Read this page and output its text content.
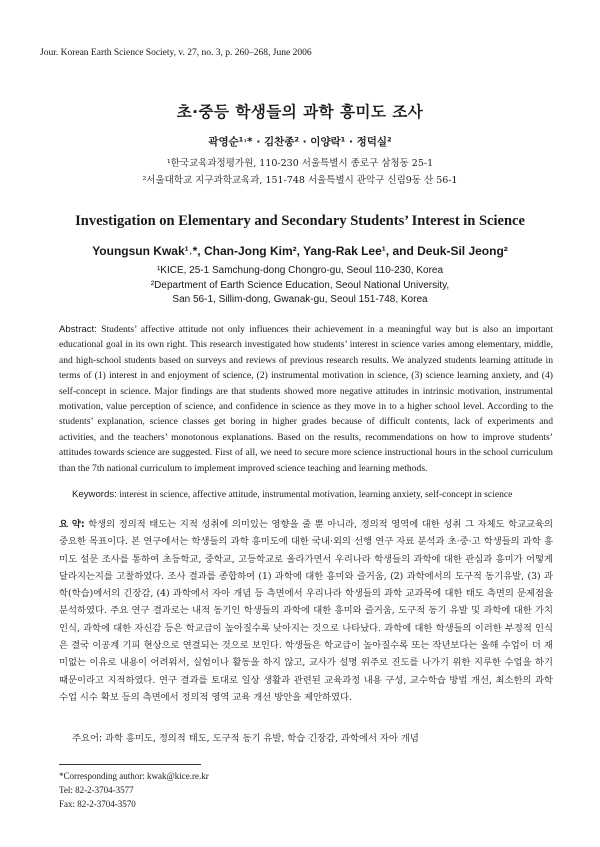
Jour. Korean Earth Science Society, v. 27, no. 3, p. 260–268, June 2006
초·중등 학생들의 과학 흥미도 조사
곽영순¹˒* · 김찬종² · 이양락¹ · 정덕실²
¹한국교육과정평가원, 110-230 서울특별시 종로구 삼청동 25-1
²서울대학교 지구과학교육과, 151-748 서울특별시 관악구 신림9동 산 56-1
Investigation on Elementary and Secondary Students’ Interest in Science
Youngsun Kwak¹˒*, Chan-Jong Kim², Yang-Rak Lee¹, and Deuk-Sil Jeong²
¹KICE, 25-1 Samchung-dong Chongro-gu, Seoul 110-230, Korea
²Department of Earth Science Education, Seoul National University,
San 56-1, Sillim-dong, Gwanak-gu, Seoul 151-748, Korea
Abstract: Students’ affective attitude not only influences their achievement in a meaningful way but is also an important educational goal in its own right. This research investigated how students’ interest in science varies among elementary, middle, and high-school students based on surveys and reviews of previous research results. We analyzed students learning attitude in terms of (1) interest in and enjoyment of science, (2) instrumental motivation in science, (3) science learning anxiety, and (4) self-concept in science. Major findings are that students showed more negative attitudes in intrinsic motivation, instrumental motivation, value perception of science, and confidence in science as they move in to a higher school level. According to the students’ explanation, science classes get boring in higher grades because of difficult contents, lack of experiments and activities, and the teachers’ monotonous explanations. Based on the results, recommendations on how to improve students’ attitudes towards science are suggested. First of all, we need to secure more science instructional hours in the school curriculum than the 7th national curriculum to implement improved science teaching and learning methods.
Keywords: interest in science, affective attitude, instrumental motivation, learning anxiety, self-concept in science
요 약: 학생의 정의적 태도는 지적 성취에 의미있는 영향을 줄 뿐 아니라, 정의적 영역에 대한 성취 그 자체도 학교교육의 중요한 목표이다. 본 연구에서는 학생들의 과학 흥미도에 대한 국내·외의 선행 연구 자료 분석과 초·중·고 학생들의 과학 흥미도 설문 조사를 통하여 초등학교, 중학교, 고등학교로 올라가면서 우리나라 학생들의 과학에 대한 관심과 흥미가 어떻게 달라지는지를 고찰하였다. 조사 결과를 종합하여 (1) 과학에 대한 흥미와 즐거움, (2) 과학에서의 도구적 동기유발, (3) 과학(학습)에서의 긴장감, (4) 과학에서 자아 개념 등 측면에서 우리나라 학생들의 과학 교과목에 대한 태도 측면의 문제점을 분석하였다. 주요 연구 결과로는 내적 동기인 학생들의 과학에 대한 흥미와 즐거움, 도구적 동기 유발 및 과학에 대한 가치 인식, 과학에 대한 자신감 등은 학교급이 높아질수록 낮아지는 것으로 나타났다. 과학에 대한 학생들의 이러한 부정적 인식은 결국 이공계 기피 현상으로 연결되는 것으로 보인다. 학생들은 학교급이 높아질수록 또는 작년보다는 올해 수업이 더 재미없는 이유로 내용이 어려워서, 실험이나 활동을 하지 않고, 교사가 설명 위주로 진도를 나가기 위한 지루한 수업을 하기 때문이라고 지적하였다. 연구 결과를 토대로 일상 생활과 관련된 교육과정 내용 구성, 교수학습 방법 개선, 최소한의 과학 수업 시수 확보 등의 측면에서 정의적 영역 교육 개선 방안을 제안하였다.
주요어: 과학 흥미도, 정의적 태도, 도구적 동기 유발, 학습 긴장감, 과학에서 자아 개념
*Corresponding author: kwak@kice.re.kr
Tel: 82-2-3704-3577
Fax: 82-2-3704-3570
